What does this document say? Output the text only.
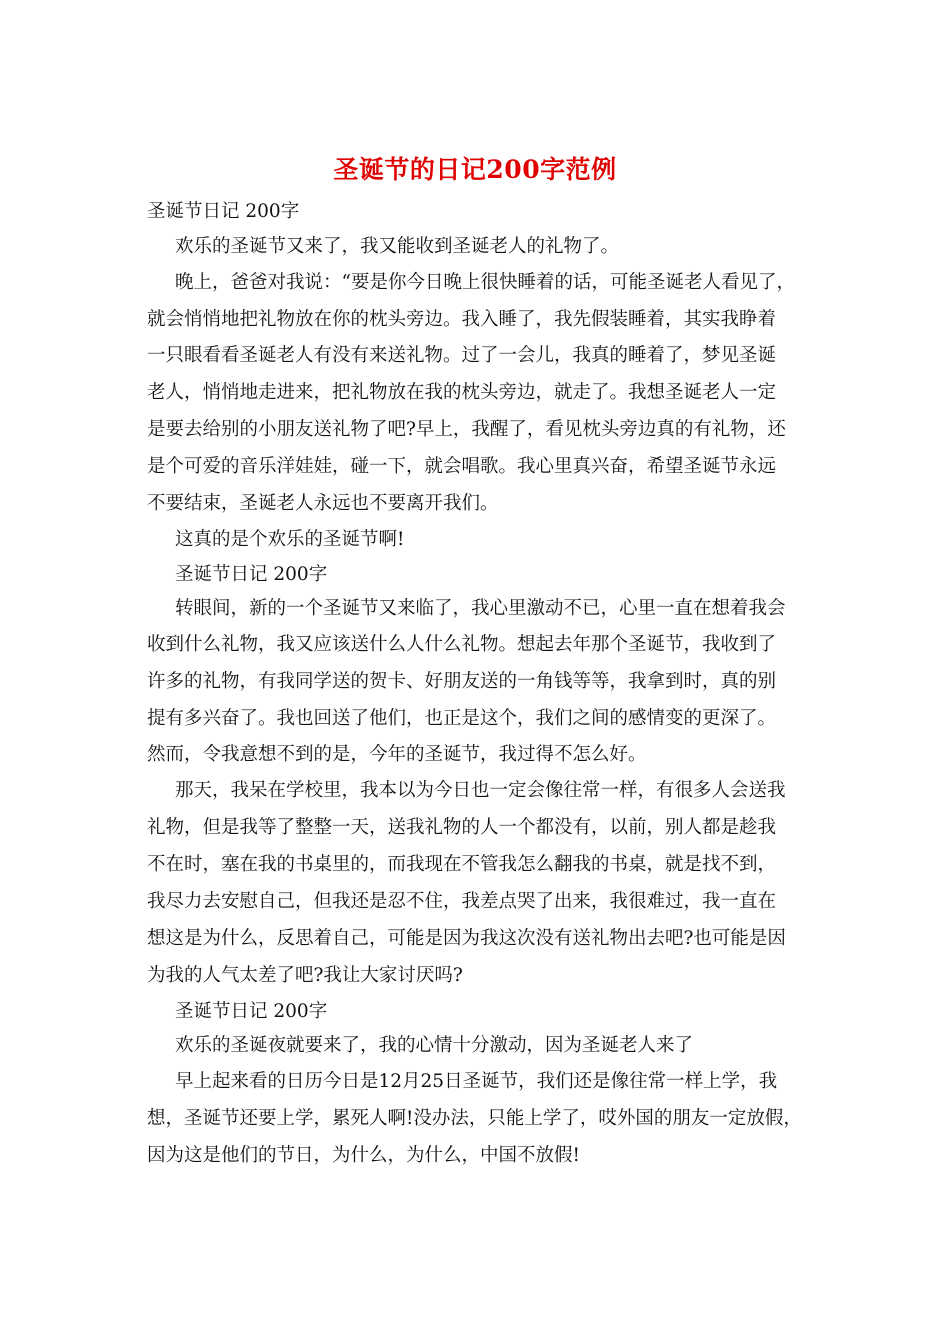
圣诞节的日记200字范例
圣诞节日记 200字
欢乐的圣诞节又来了，我又能收到圣诞老人的礼物了。
晚上，爸爸对我说：“要是你今日晚上很快睡着的话，可能圣诞老人看见了，
就会悄悄地把礼物放在你的枕头旁边。我入睡了，我先假装睡着，其实我睁着
一只眼看看圣诞老人有没有来送礼物。过了一会儿，我真的睡着了，梦见圣诞
老人，悄悄地走进来，把礼物放在我的枕头旁边，就走了。我想圣诞老人一定
是要去给别的小朋友送礼物了吧?早上，我醒了，看见枕头旁边真的有礼物，还
是个可爱的音乐洋娃娃，碰一下，就会唱歌。我心里真兴奋，希望圣诞节永远
不要结束，圣诞老人永远也不要离开我们。
这真的是个欢乐的圣诞节啊!
圣诞节日记 200字
转眼间，新的一个圣诞节又来临了，我心里激动不已，心里一直在想着我会
收到什么礼物，我又应该送什么人什么礼物。想起去年那个圣诞节，我收到了
许多的礼物，有我同学送的贺卡、好朋友送的一角钱等等，我拿到时，真的别
提有多兴奋了。我也回送了他们，也正是这个，我们之间的感情变的更深了。
然而，令我意想不到的是，今年的圣诞节，我过得不怎么好。
那天，我呆在学校里，我本以为今日也一定会像往常一样，有很多人会送我
礼物，但是我等了整整一天，送我礼物的人一个都没有，以前，别人都是趁我
不在时，塞在我的书桌里的，而我现在不管我怎么翻我的书桌，就是找不到，
我尽力去安慰自己，但我还是忍不住，我差点哭了出来，我很难过，我一直在
想这是为什么，反思着自己，可能是因为我这次没有送礼物出去吧?也可能是因
为我的人气太差了吧?我让大家讨厌吗?
圣诞节日记 200字
欢乐的圣诞夜就要来了，我的心情十分激动，因为圣诞老人来了
早上起来看的日历今日是12月25日圣诞节，我们还是像往常一样上学，我
想，圣诞节还要上学，累死人啊!没办法，只能上学了，哎外国的朋友一定放假，
因为这是他们的节日，为什么，为什么，中国不放假!
